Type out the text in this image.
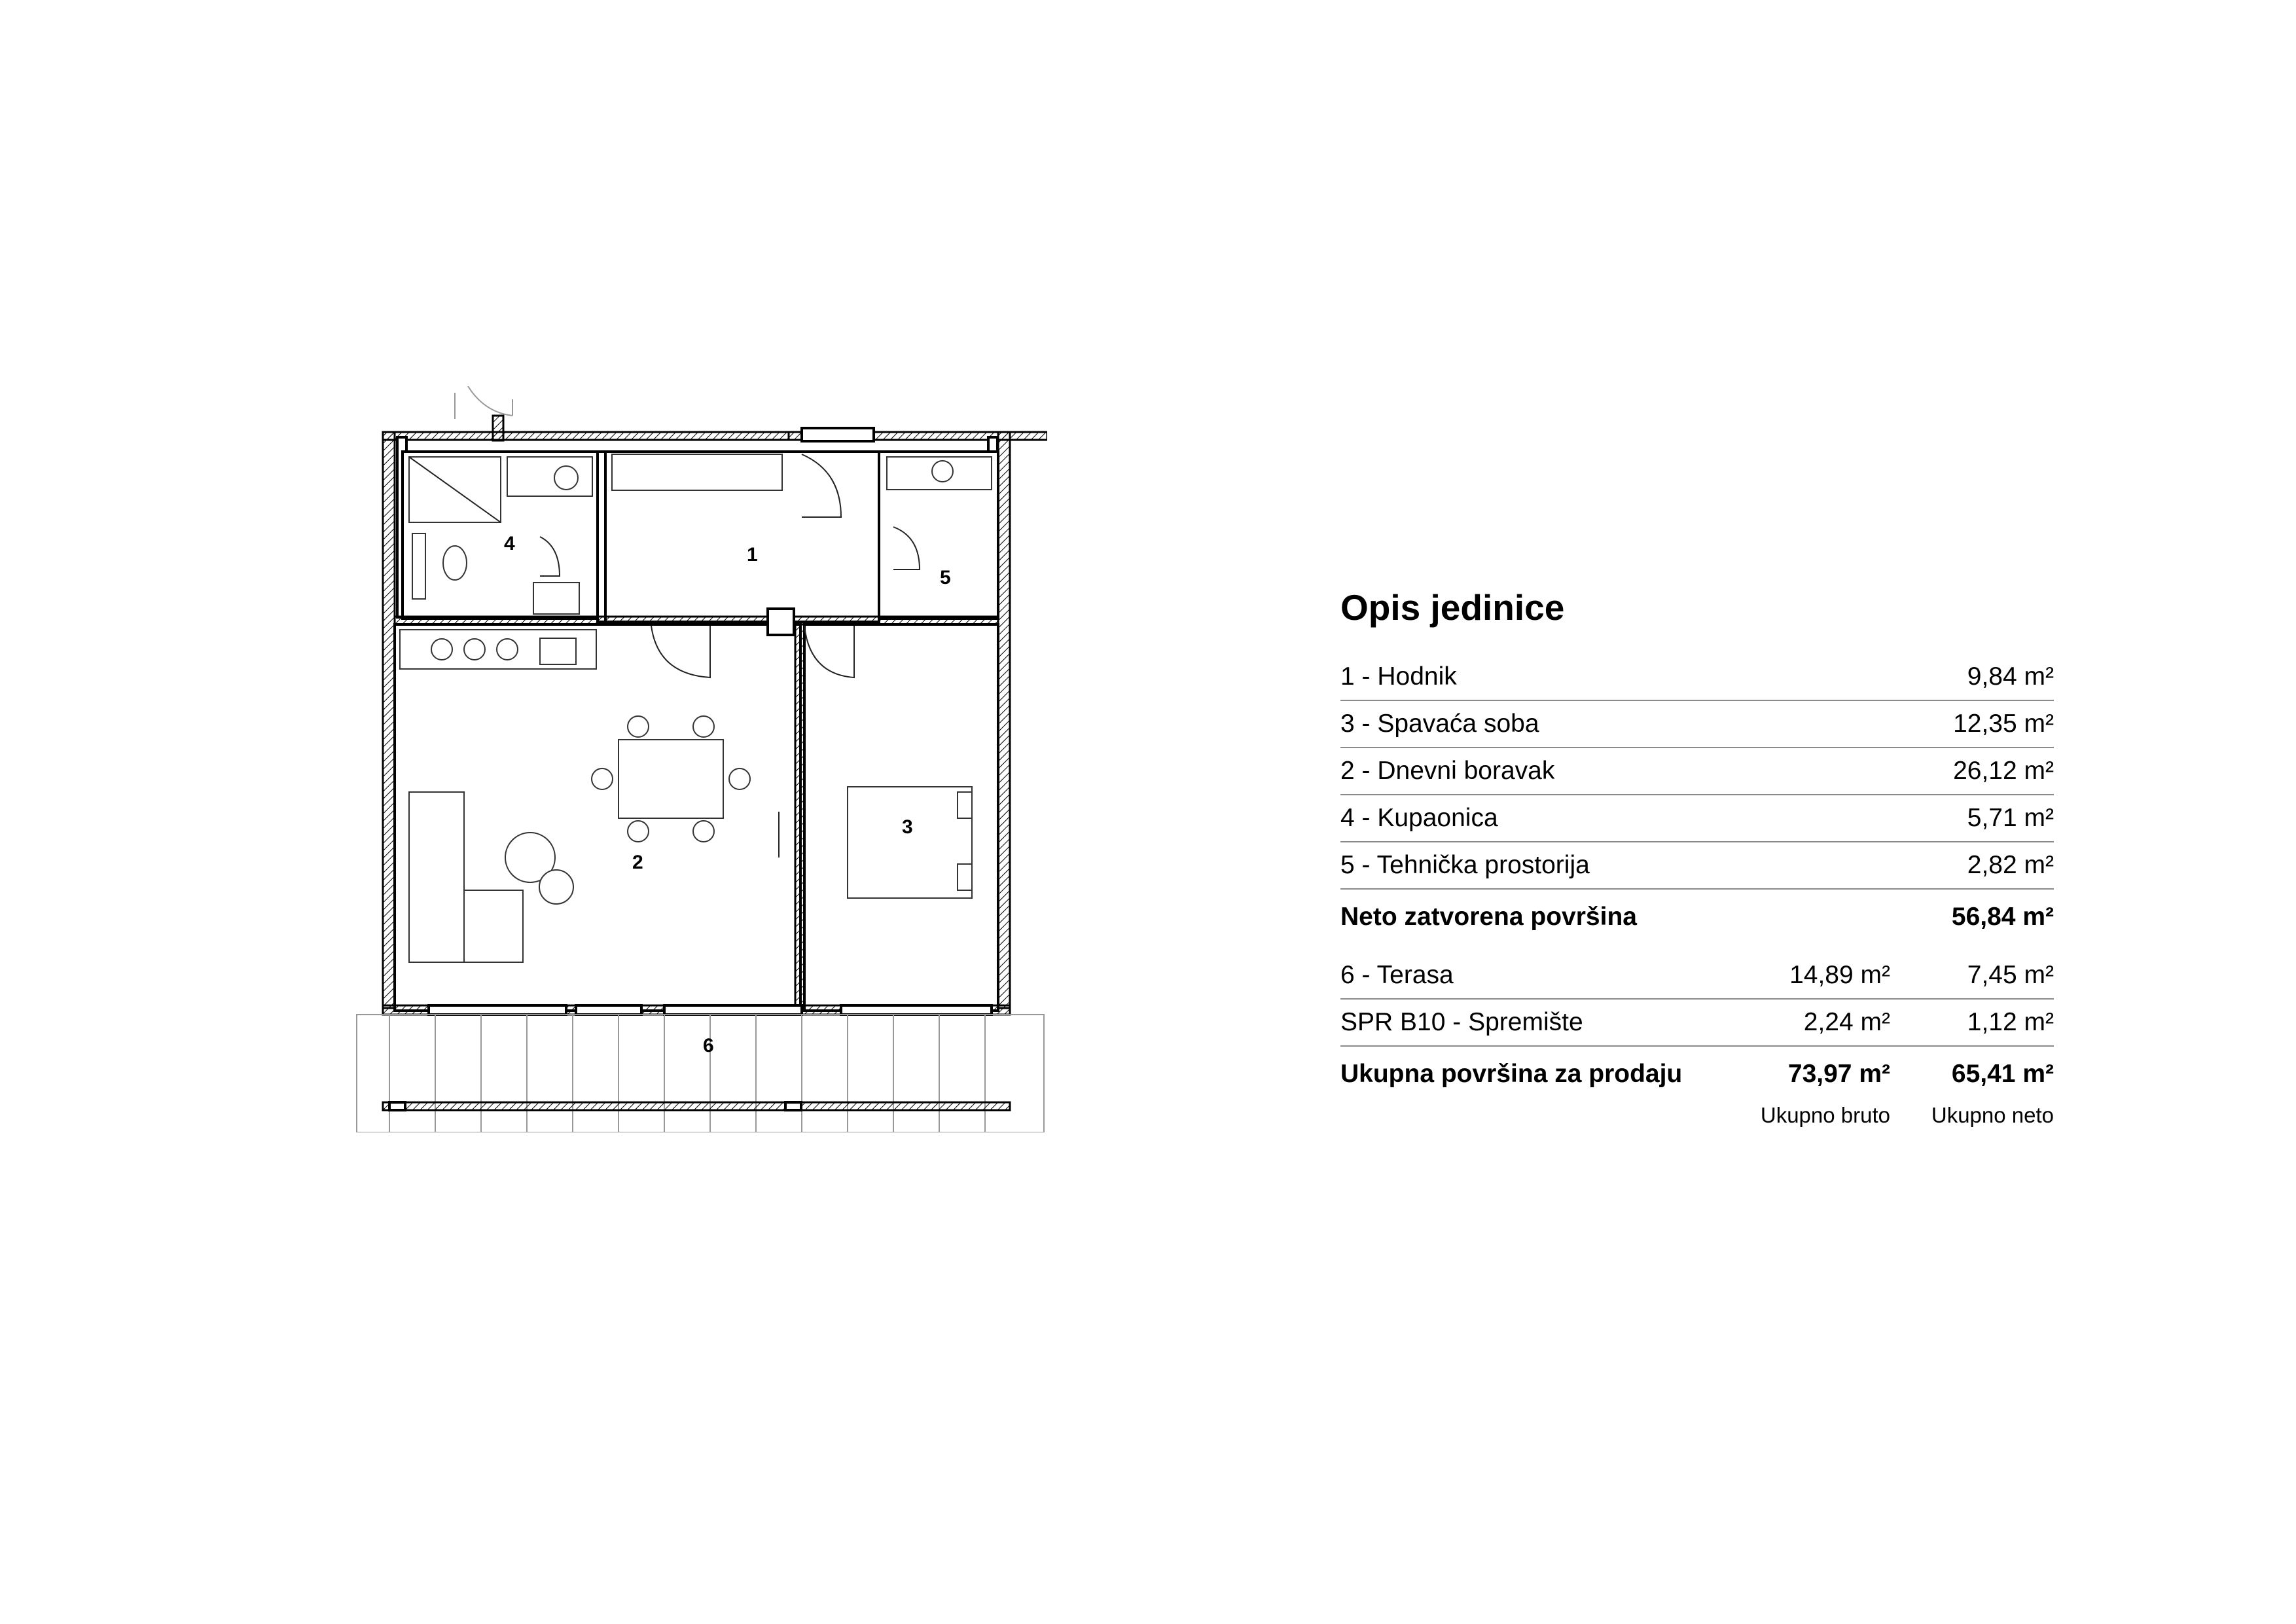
1
2
3
4
5
6
Opis jedinice
1 - Hodnik	9,84 m²
3 - Spavaća soba	12,35 m²
2 - Dnevni boravak	26,12 m²
4 - Kupaonica	5,71 m²
5 - Tehnička prostorija	2,82 m²
Neto zatvorena površina	56,84 m²
6 - Terasa	14,89 m²	7,45 m²
SPR B10 - Spremište	2,24 m²	1,12 m²
Ukupna površina za prodaju	73,97 m²	65,41 m²
Ukupno bruto	Ukupno neto
